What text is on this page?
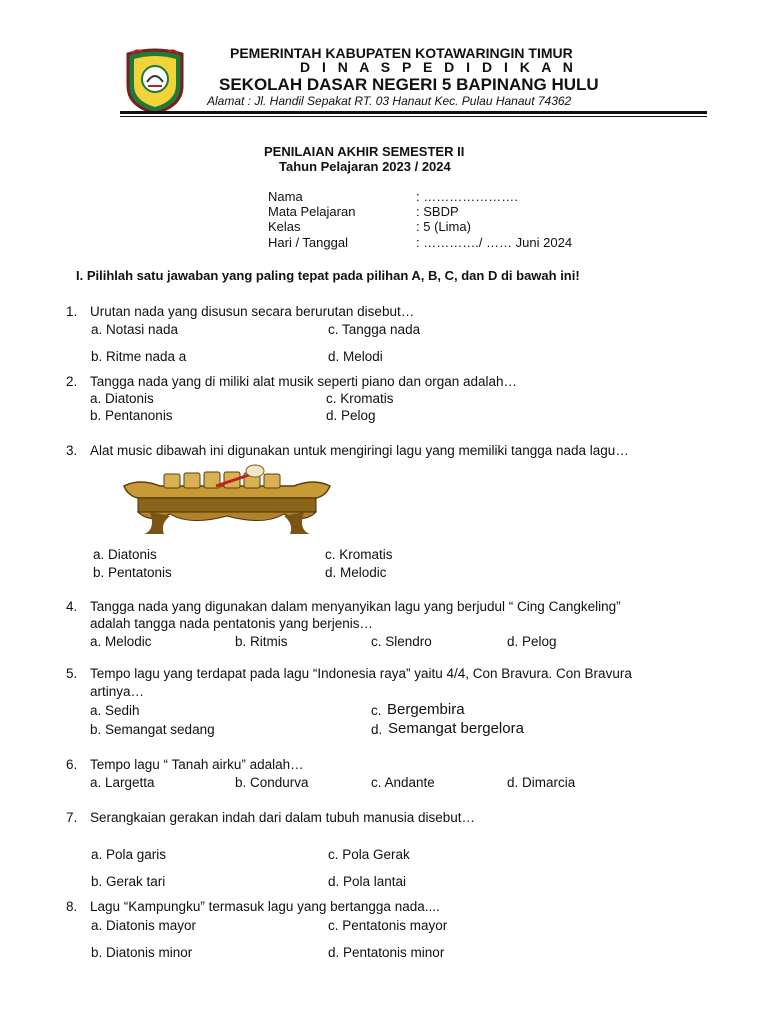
PEMERINTAH KABUPATEN KOTAWARINGIN TIMUR
D I N A S P E D I D I K A N
SEKOLAH DASAR NEGERI 5 BAPINANG HULU
Alamat : Jl. Handil Sepakat RT. 03 Hanaut Kec. Pulau Hanaut 74362
PENILAIAN AKHIR SEMESTER II
Tahun Pelajaran 2023 / 2024
Nama	: ………………….
Mata Pelajaran	: SBDP
Kelas	: 5 (Lima)
Hari / Tanggal	: …………./ …… Juni 2024
I. Pilihlah satu jawaban yang paling tepat pada pilihan A, B, C, dan D di bawah ini!
1. Urutan nada yang disusun secara berurutan disebut…
a. Notasi nada	c. Tangga nada
b. Ritme nada a	d. Melodi
2. Tangga nada yang di miliki alat musik seperti piano dan organ adalah…
a. Diatonis	c. Kromatis
b. Pentanonis	d. Pelog
3. Alat music dibawah ini digunakan untuk mengiringi lagu yang memiliki tangga nada lagu…
a. Diatonis	c. Kromatis
b. Pentatonis	d. Melodic
4. Tangga nada yang digunakan dalam menyanyikan lagu yang berjudul “ Cing Cangkeling”
adalah tangga nada pentatonis yang berjenis…
a. Melodic	b. Ritmis	c. Slendro	d. Pelog
5. Tempo lagu yang terdapat pada lagu “Indonesia raya” yaitu 4/4, Con Bravura. Con Bravura
artinya…
a. Sedih	c. Bergembira
b. Semangat sedang	d. Semangat bergelora
6. Tempo lagu “ Tanah airku” adalah…
a. Largetta	b. Condurva	c. Andante	d. Dimarcia
7. Serangkaian gerakan indah dari dalam tubuh manusia disebut…
a. Pola garis	c. Pola Gerak
b. Gerak tari	d. Pola lantai
8. Lagu “Kampungku” termasuk lagu yang bertangga nada....
a. Diatonis mayor	c. Pentatonis mayor
b. Diatonis minor	d. Pentatonis minor
